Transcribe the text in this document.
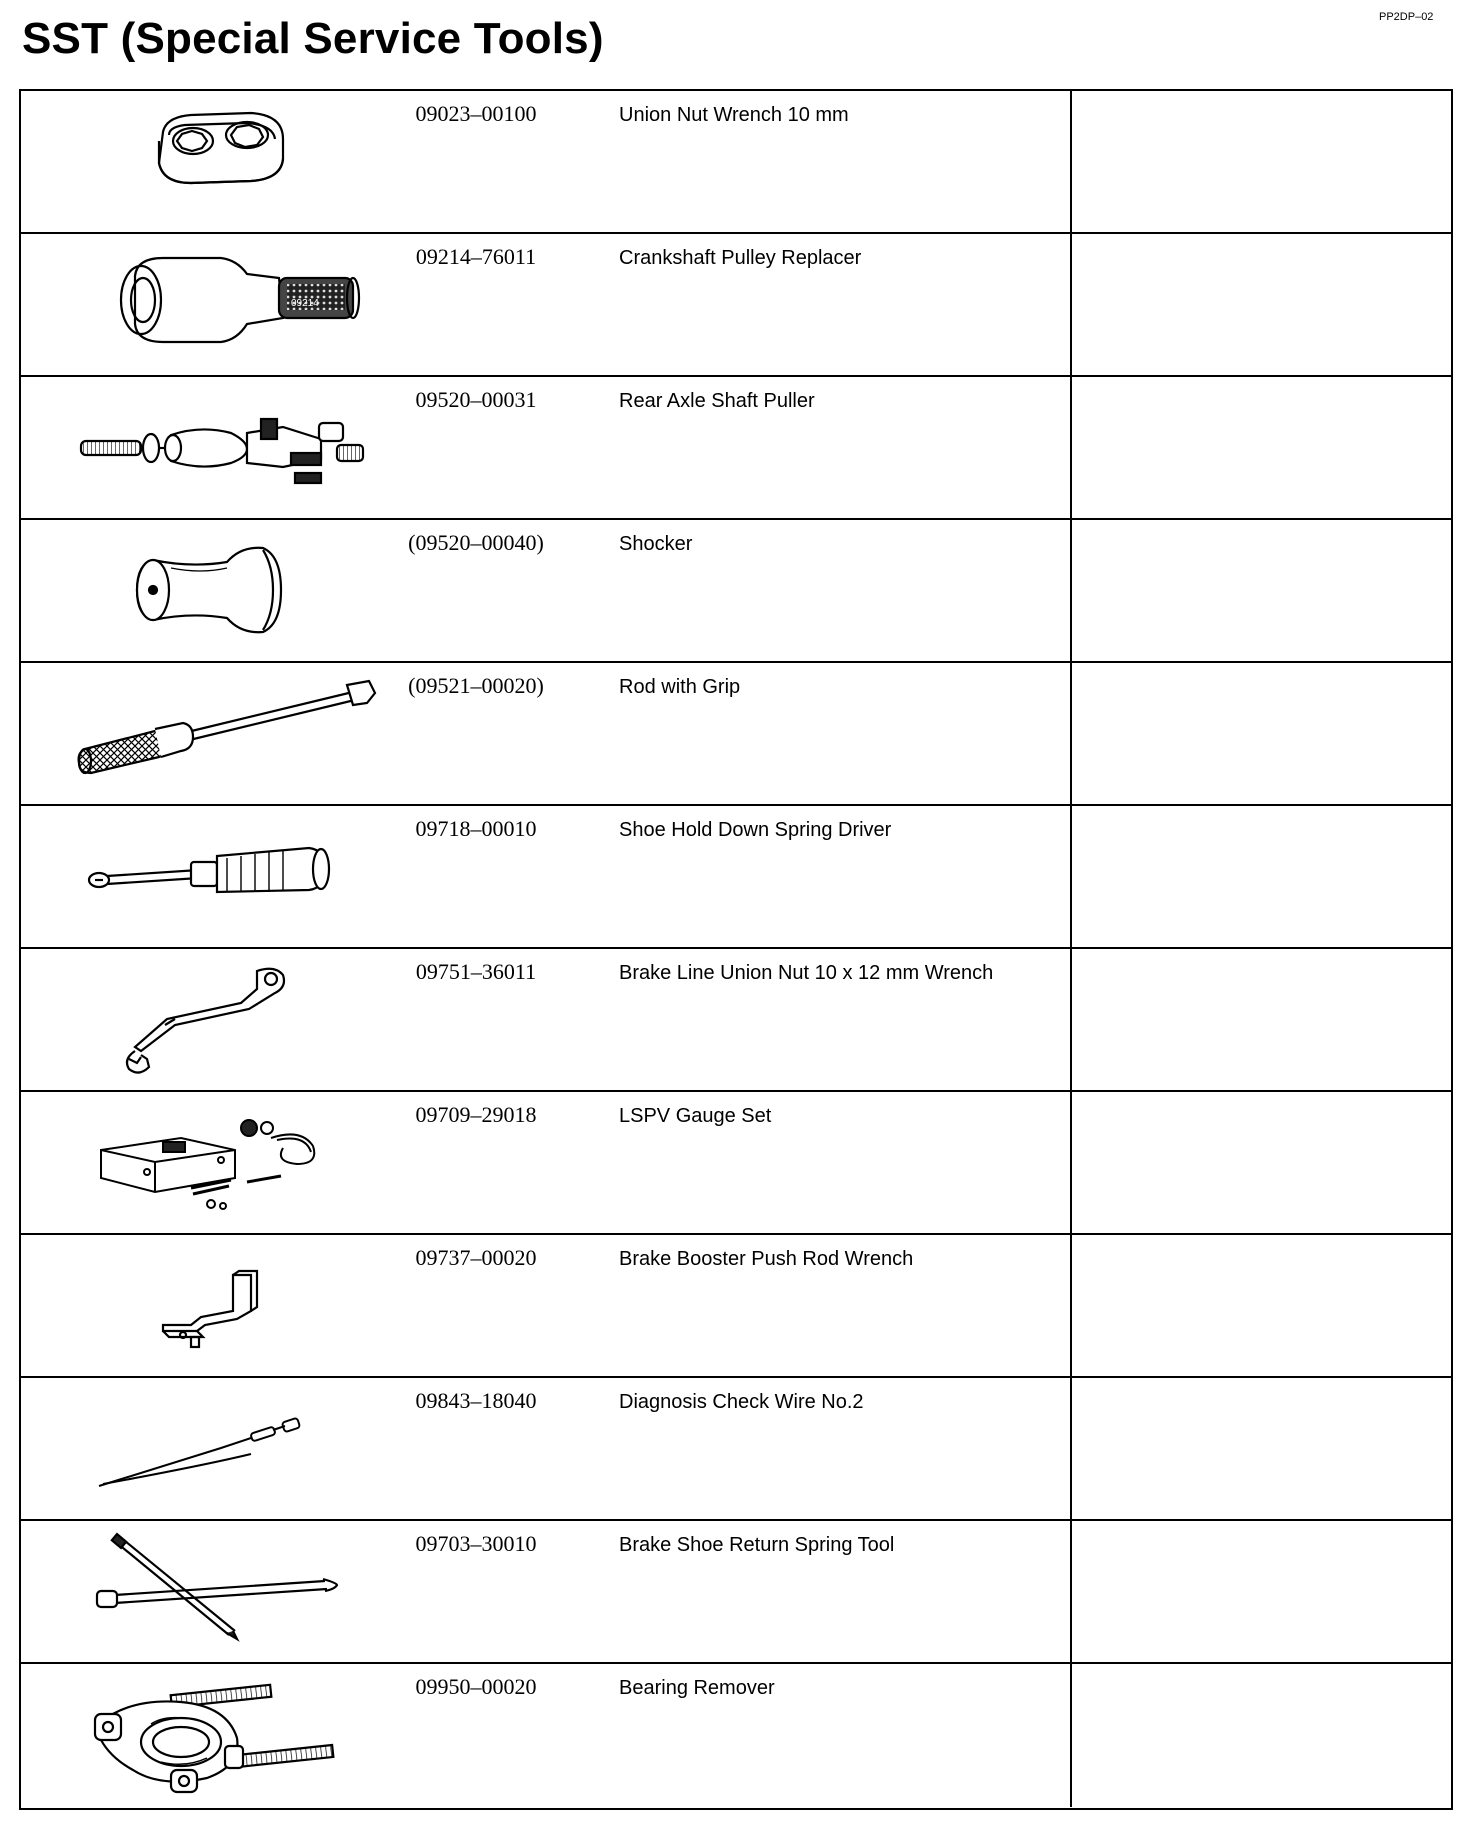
PP2DP–02
SST (Special Service Tools)
09023–00100	Union Nut Wrench 10 mm
09214
09214–76011	Crankshaft Pulley Replacer
09520–00031	Rear Axle Shaft Puller
(09520–00040)	Shocker
(09521–00020)	Rod with Grip
09718–00010	Shoe Hold Down Spring Driver
09751–36011	Brake Line Union Nut 10 x 12 mm Wrench
09709–29018	LSPV Gauge Set
09737–00020	Brake Booster Push Rod Wrench
09843–18040	Diagnosis Check Wire No.2
09703–30010	Brake Shoe Return Spring Tool
09950–00020	Bearing Remover
